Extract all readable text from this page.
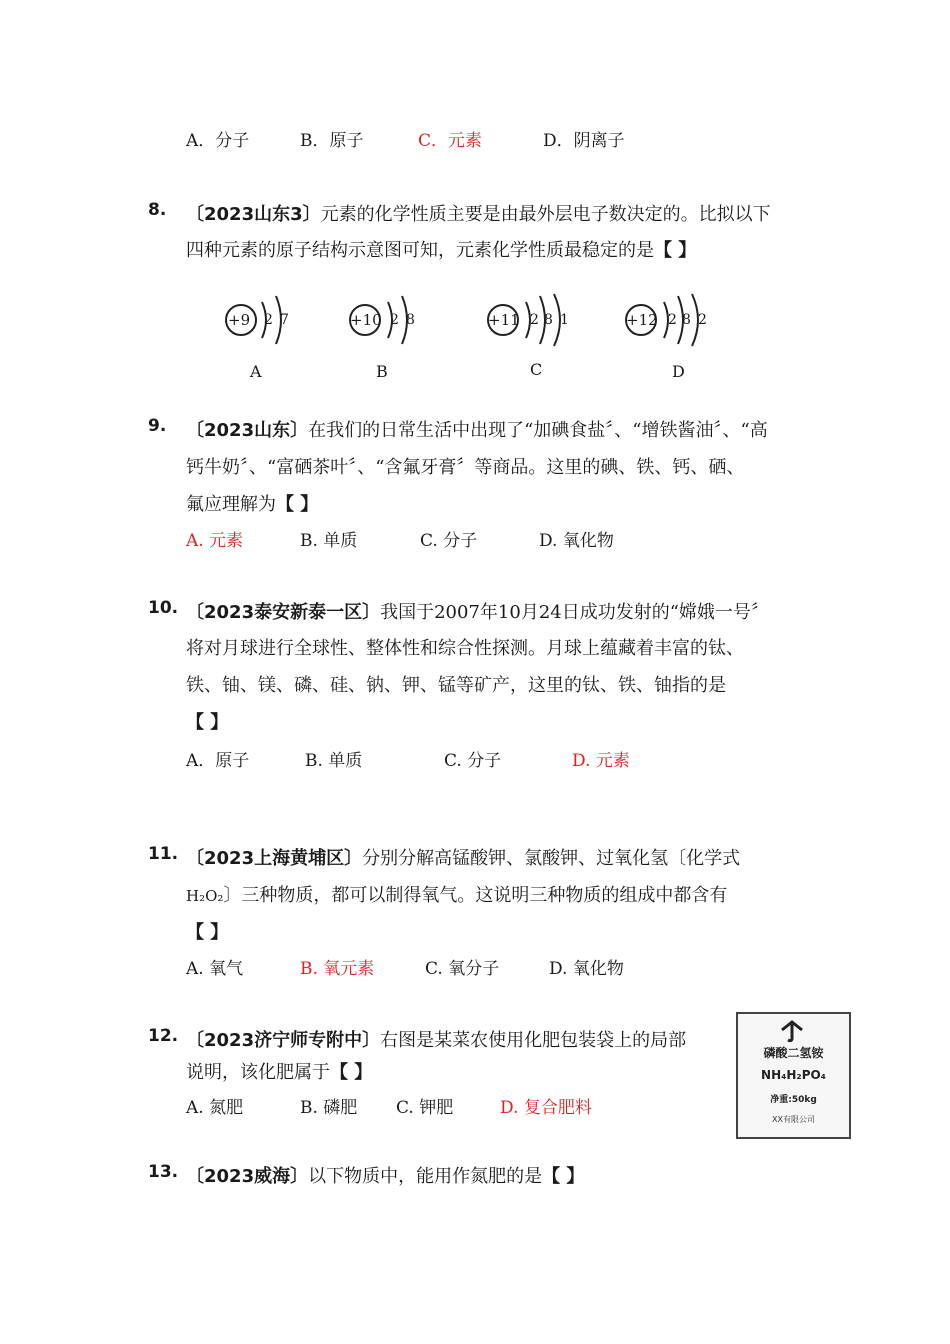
A．分子	B．原子	C．元素	D．阴离子
8. 〔2023山东3〕元素的化学性质主要是由最外层电子数决定的。比拟以下
四种元素的原子结构示意图可知，元素化学性质最稳定的是【 】
+9 2 7
A
+10 2 8
B
+11 2 8 1
C
+12 2 8 2
D
9. 〔2023山东〕在我们的日常生活中出现了“加碘食盐〞、“增铁酱油〞、“高
钙牛奶〞、“富硒茶叶〞、“含氟牙膏〞等商品。这里的碘、铁、钙、硒、
氟应理解为【 】
A. 元素	B. 单质	C. 分子	D. 氧化物
10. 〔2023泰安新泰一区〕我国于2007年10月24日成功发射的“嫦娥一号〞
将对月球进行全球性、整体性和综合性探测。月球上蕴藏着丰富的钛、
铁、铀、镁、磷、硅、钠、钾、锰等矿产，这里的钛、铁、铀指的是
【 】
A．原子	B. 单质	C. 分子	D. 元素
11. 〔2023上海黄埔区〕分别分解高锰酸钾、氯酸钾、过氧化氢〔化学式
H₂O₂〕三种物质，都可以制得氧气。这说明三种物质的组成中都含有
【 】
A. 氧气	B. 氧元素	C. 氧分子	D. 氧化物
12. 〔2023济宁师专附中〕右图是某菜农使用化肥包装袋上的局部
说明，该化肥属于【 】
A. 氮肥	B. 磷肥 C. 钾肥	D. 复合肥料
磷酸二氢铵
NH₄H₂PO₄
净重:50kg
XX有限公司
13. 〔2023威海〕以下物质中，能用作氮肥的是【 】
